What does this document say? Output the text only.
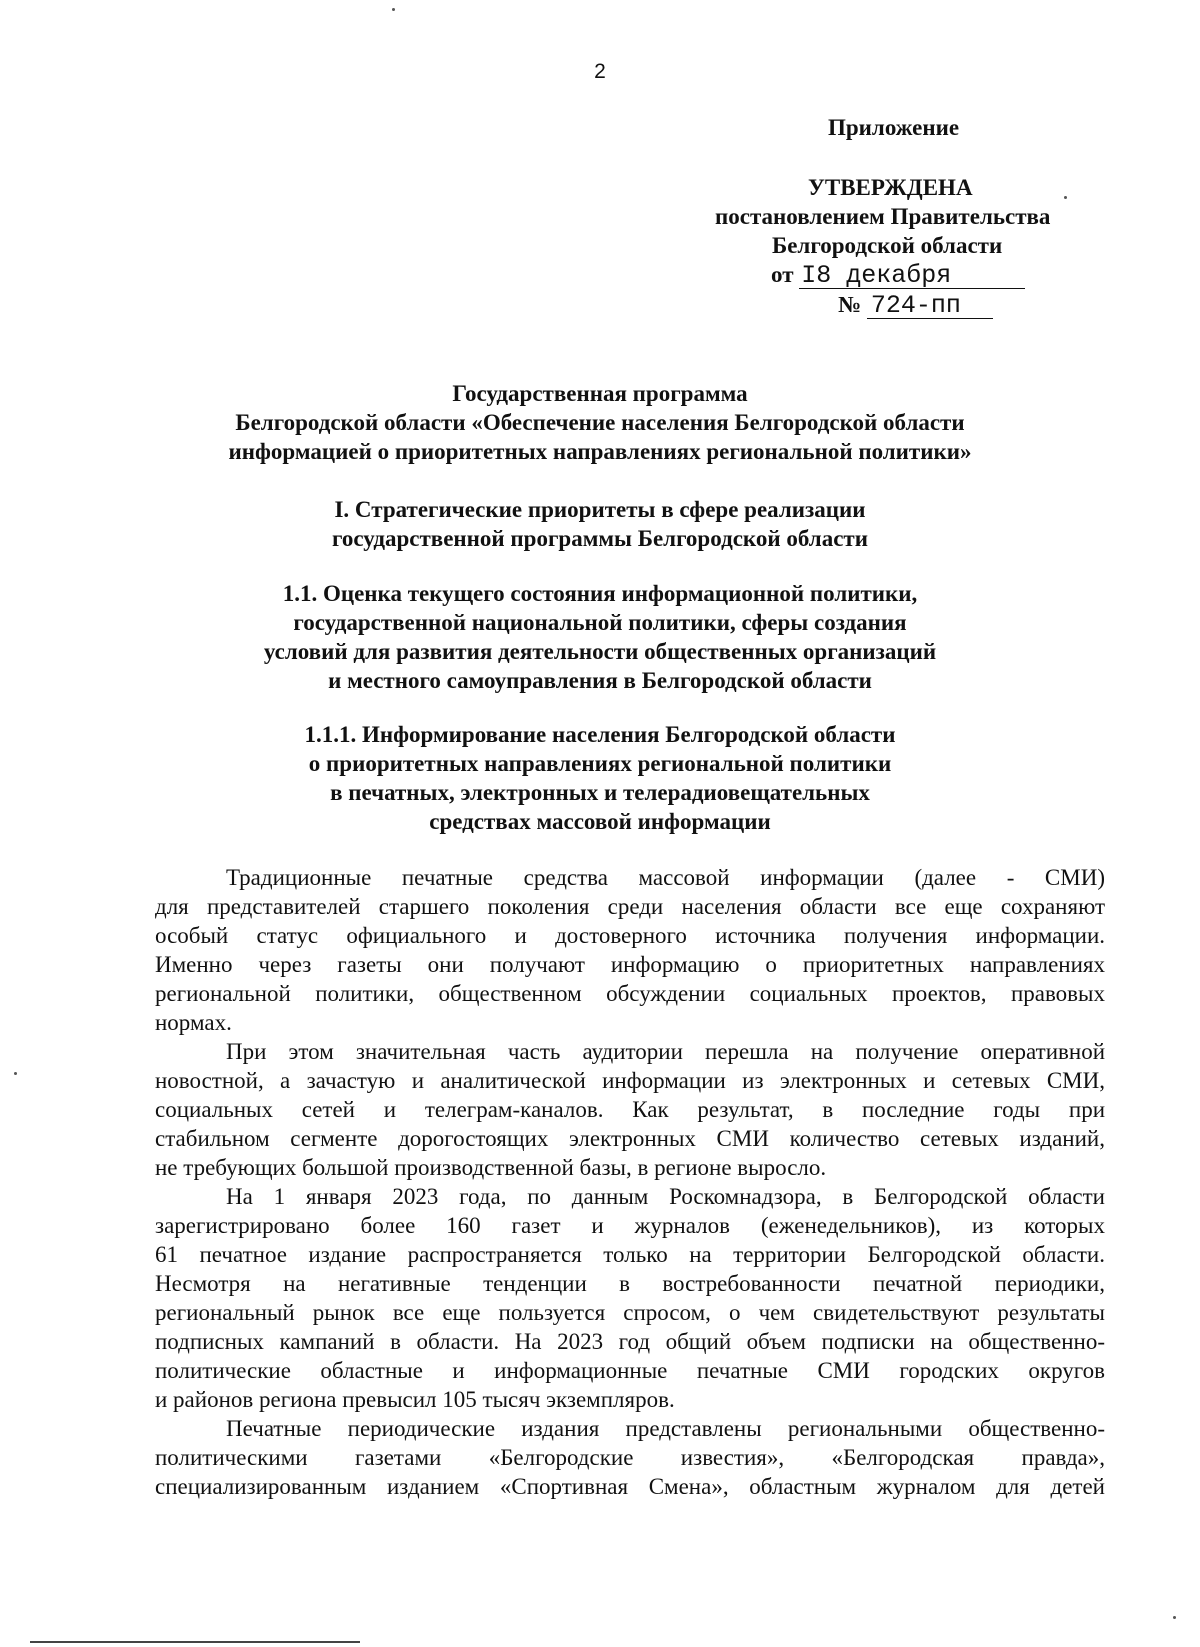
2
Приложение
УТВЕРЖДЕНА
постановлением Правительства
Белгородской области
от I8 декабря
№ 724-пп
Государственная программа
Белгородской области «Обеспечение населения Белгородской области
информацией о приоритетных направлениях региональной политики»
I. Стратегические приоритеты в сфере реализации
государственной программы Белгородской области
1.1. Оценка текущего состояния информационной политики,
государственной национальной политики, сферы создания
условий для развития деятельности общественных организаций
и местного самоуправления в Белгородской области
1.1.1. Информирование населения Белгородской области
о приоритетных направлениях региональной политики
в печатных, электронных и телерадиовещательных
средствах массовой информации
Традиционные печатные средства массовой информации (далее - СМИ)
для представителей старшего поколения среди населения области все еще сохраняют
особый статус официального и достоверного источника получения информации.
Именно через газеты они получают информацию о приоритетных направлениях
региональной политики, общественном обсуждении социальных проектов, правовых
нормах.
При этом значительная часть аудитории перешла на получение оперативной
новостной, а зачастую и аналитической информации из электронных и сетевых СМИ,
социальных сетей и телеграм-каналов. Как результат, в последние годы при
стабильном сегменте дорогостоящих электронных СМИ количество сетевых изданий,
не требующих большой производственной базы, в регионе выросло.
На 1 января 2023 года, по данным Роскомнадзора, в Белгородской области
зарегистрировано более 160 газет и журналов (еженедельников), из которых
61 печатное издание распространяется только на территории Белгородской области.
Несмотря на негативные тенденции в востребованности печатной периодики,
региональный рынок все еще пользуется спросом, о чем свидетельствуют результаты
подписных кампаний в области. На 2023 год общий объем подписки на общественно-
политические областные и информационные печатные СМИ городских округов
и районов региона превысил 105 тысяч экземпляров.
Печатные периодические издания представлены региональными общественно-
политическими газетами «Белгородские известия», «Белгородская правда»,
специализированным изданием «Спортивная Смена», областным журналом для детей
